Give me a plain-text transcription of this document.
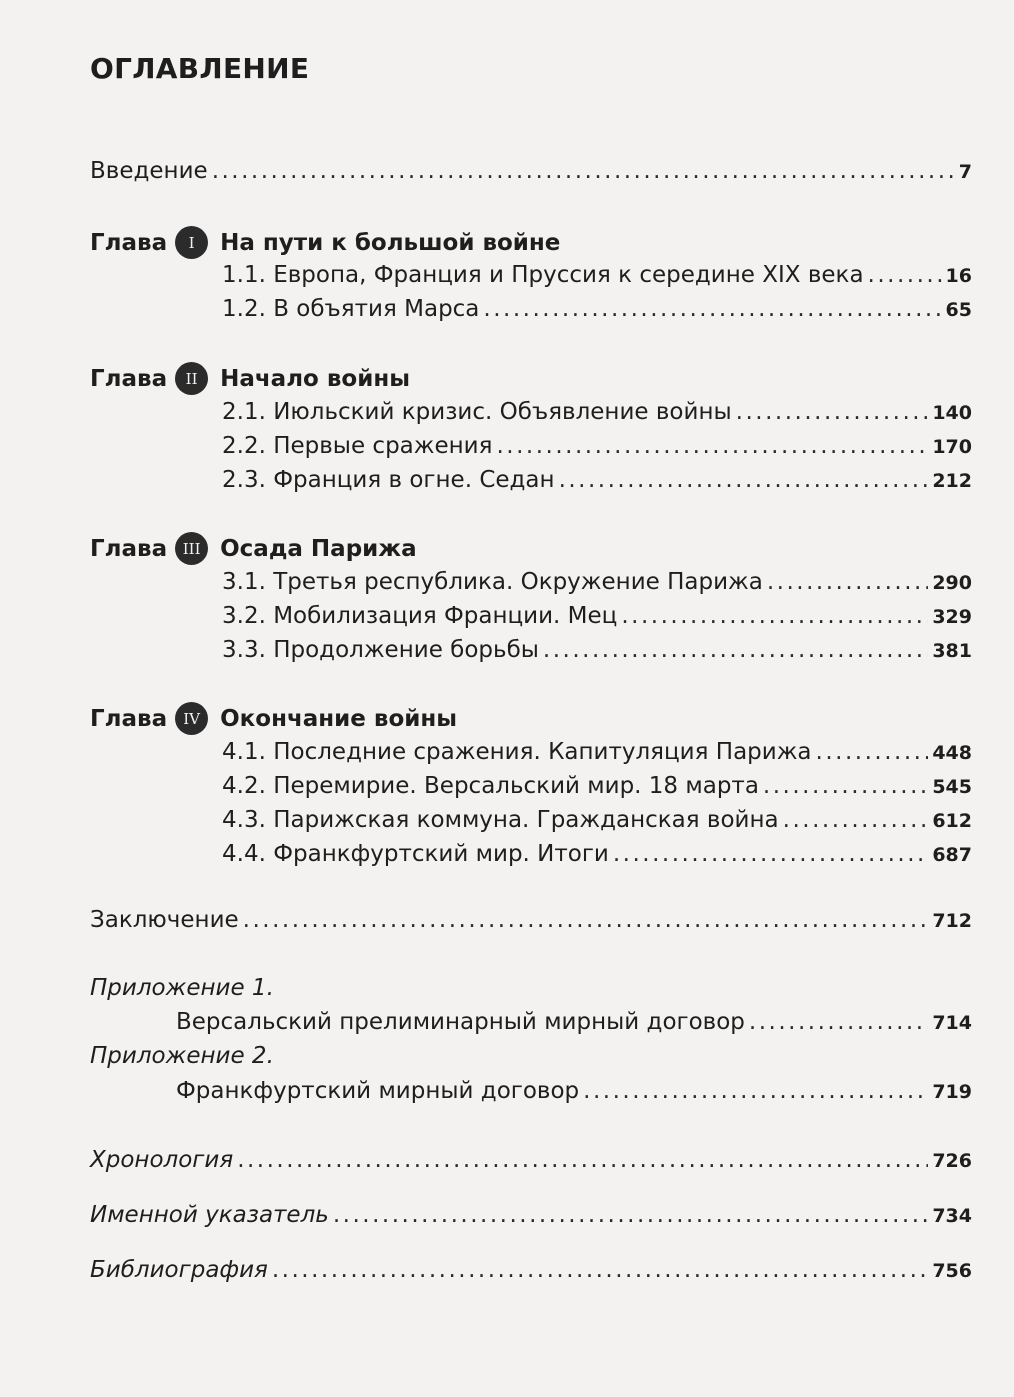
ОГЛАВЛЕНИЕ
Введение .....	7
Глава	I	На пути к большой войне
1.1. Европа, Франция и Пруссия к середине XIX века .....	16
1.2. В объятия Марса .....	65
Глава	II Начало войны
2.1. Июльский кризис. Объявление войны .....	140
2.2. Первые сражения .....	170
2.3. Франция в огне. Седан .....	212
Глава	III Осада Парижа
3.1. Третья республика. Окружение Парижа .....	290
3.2. Мобилизация Франции. Мец .....	329
3.3. Продолжение борьбы .....	381
Глава	IV Окончание войны
4.1. Последние сражения. Капитуляция Парижа .....	448
4.2. Перемирие. Версальский мир. 18 марта .....	545
4.3. Парижская коммуна. Гражданская война .....	612
4.4. Франкфуртский мир. Итоги .....	687
Заключение .....	712
Приложение 1.
Версальский прелиминарный мирный договор .....	714
Приложение 2.
Франкфуртский мирный договор .....	719
Хронология .....	726
Именной указатель .....	734
Библиография .....	756
